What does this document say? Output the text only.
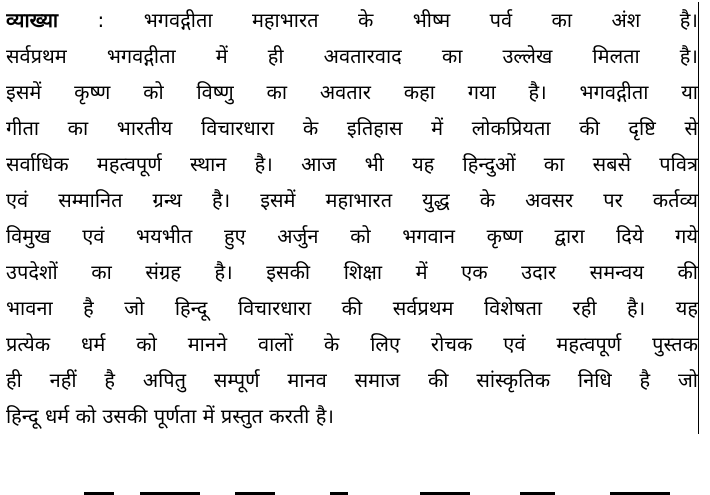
व्याख्या : भगवद्गीता महाभारत के भीष्म पर्व का अंश है।
सर्वप्रथम भगवद्गीता में ही अवतारवाद का उल्लेख मिलता है।
इसमें कृष्ण को विष्णु का अवतार कहा गया है। भगवद्गीता या
गीता का भारतीय विचारधारा के इतिहास में लोकप्रियता की दृष्टि से
सर्वाधिक महत्वपूर्ण स्थान है। आज भी यह हिन्दुओं का सबसे पवित्र
एवं सम्मानित ग्रन्थ है। इसमें महाभारत युद्ध के अवसर पर कर्तव्य
विमुख एवं भयभीत हुए अर्जुन को भगवान कृष्ण द्वारा दिये गये
उपदेशों का संग्रह है। इसकी शिक्षा में एक उदार समन्वय की
भावना है जो हिन्दू विचारधारा की सर्वप्रथम विशेषता रही है। यह
प्रत्येक धर्म को मानने वालों के लिए रोचक एवं महत्वपूर्ण पुस्तक
ही नहीं है अपितु सम्पूर्ण मानव समाज की सांस्कृतिक निधि है जो
हिन्दू धर्म को उसकी पूर्णता में प्रस्तुत करती है।
